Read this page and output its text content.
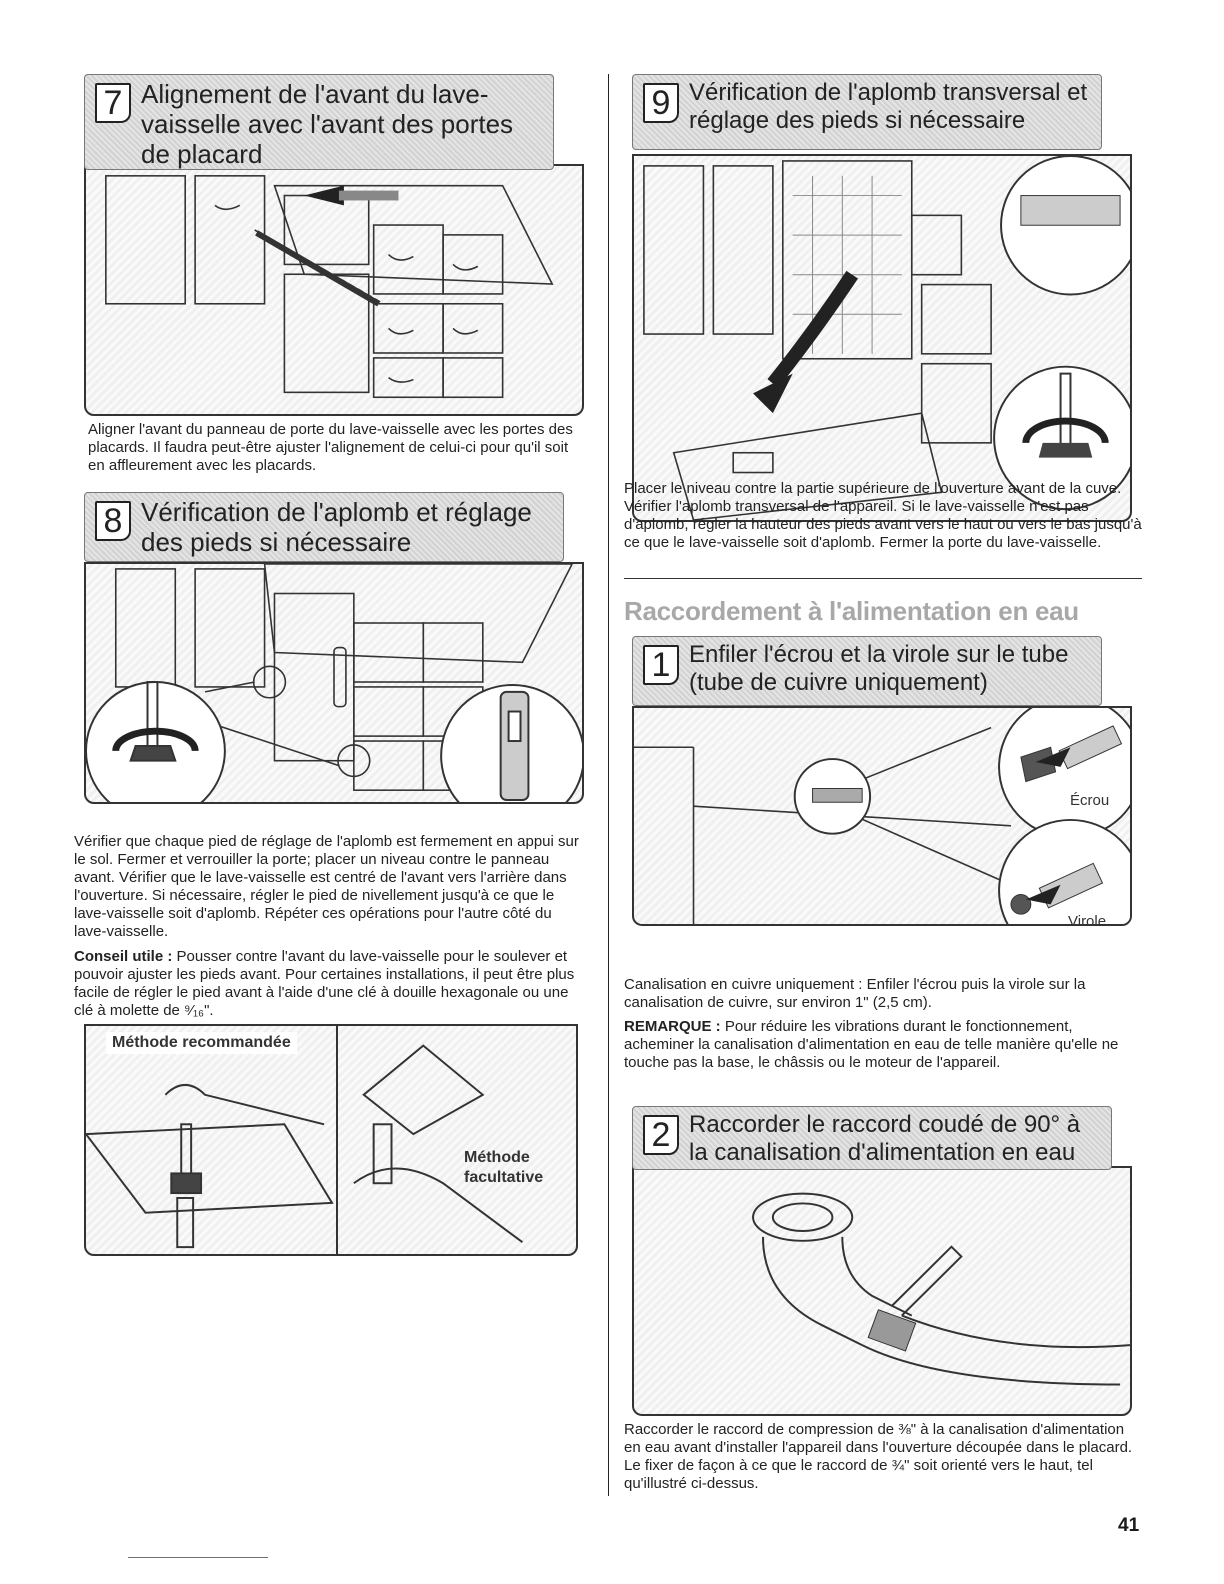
7 Alignement de l'avant du lave-vaisselle avec l'avant des portes de placard
Aligner l'avant du panneau de porte du lave-vaisselle avec les portes des placards. Il faudra peut-être ajuster l'alignement de celui-ci pour qu'il soit en affleurement avec les placards.
8 Vérification de l'aplomb et réglage des pieds si nécessaire
Vérifier que chaque pied de réglage de l'aplomb est fermement en appui sur le sol. Fermer et verrouiller la porte; placer un niveau contre le panneau avant. Vérifier que le lave-vaisselle est centré de l'avant vers l'arrière dans l'ouverture. Si nécessaire, régler le pied de nivellement jusqu'à ce que le lave-vaisselle soit d'aplomb. Répéter ces opérations pour l'autre côté du lave-vaisselle.
Conseil utile : Pousser contre l'avant du lave-vaisselle pour le soulever et pouvoir ajuster les pieds avant. Pour certaines installations, il peut être plus facile de régler le pied avant à l'aide d'une clé à douille hexagonale ou une clé à molette de ⁹⁄₁₆".
Méthode recommandée
Méthode
facultative
9 Vérification de l'aplomb transversal et réglage des pieds si nécessaire
Placer le niveau contre la partie supérieure de l'ouverture avant de la cuve. Vérifier l'aplomb transversal de l'appareil. Si le lave-vaisselle n'est pas d'aplomb, régler la hauteur des pieds avant vers le haut ou vers le bas jusqu'à ce que le lave-vaisselle soit d'aplomb. Fermer la porte du lave-vaisselle.
Raccordement à l'alimentation en eau
1 Enfiler l'écrou et la virole sur le tube (tube de cuivre uniquement)
Écrou
Virole
Canalisation en cuivre uniquement : Enfiler l'écrou puis la virole sur la canalisation de cuivre, sur environ 1" (2,5 cm).
REMARQUE : Pour réduire les vibrations durant le fonctionnement, acheminer la canalisation d'alimentation en eau de telle manière qu'elle ne touche pas la base, le châssis ou le moteur de l'appareil.
2 Raccorder le raccord coudé de 90° à la canalisation d'alimentation en eau
Raccorder le raccord de compression de ⅜" à la canalisation d'alimentation en eau avant d'installer l'appareil dans l'ouverture découpée dans le placard. Le fixer de façon à ce que le raccord de ¾" soit orienté vers le haut, tel qu'illustré ci-dessus.
41
